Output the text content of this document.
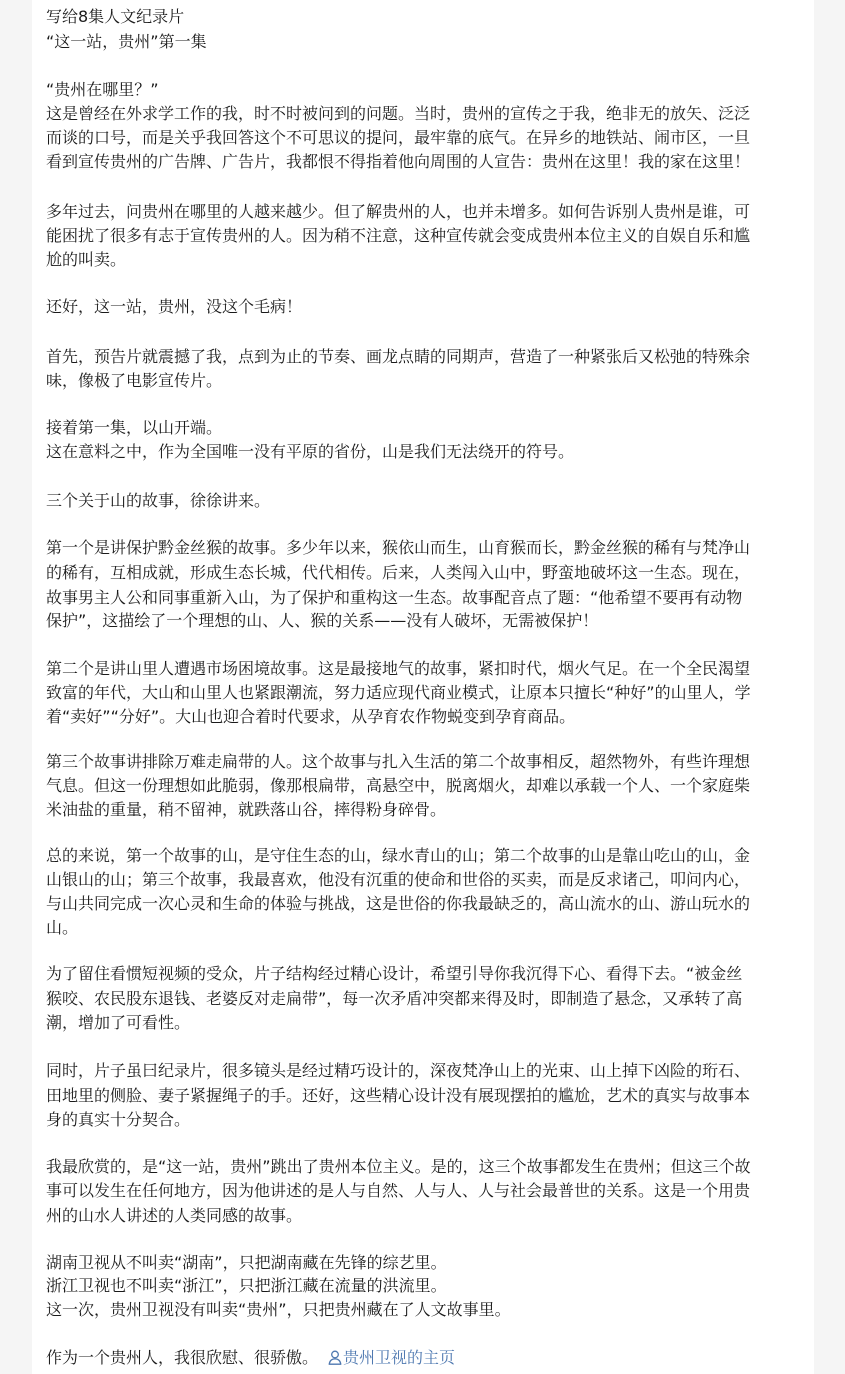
写给8集人文纪录片

“这一站，贵州”第一集

“贵州在哪里？”

这是曾经在外求学工作的我，时不时被问到的问题。当时，贵州的宣传之于我，绝非无的放矢、泛泛

而谈的口号，而是关乎我回答这个不可思议的提问，最牢靠的底气。在异乡的地铁站、闹市区，一旦

看到宣传贵州的广告牌、广告片，我都恨不得指着他向周围的人宣告：贵州在这里！我的家在这里！

多年过去，问贵州在哪里的人越来越少。但了解贵州的人，也并未增多。如何告诉别人贵州是谁，可

能困扰了很多有志于宣传贵州的人。因为稍不注意，这种宣传就会变成贵州本位主义的自娱自乐和尴

尬的叫卖。

还好，这一站，贵州，没这个毛病！

首先，预告片就震撼了我，点到为止的节奏、画龙点睛的同期声，营造了一种紧张后又松弛的特殊余

味，像极了电影宣传片。

接着第一集，以山开端。

这在意料之中，作为全国唯一没有平原的省份，山是我们无法绕开的符号。

三个关于山的故事，徐徐讲来。

第一个是讲保护黔金丝猴的故事。多少年以来，猴依山而生，山育猴而长，黔金丝猴的稀有与梵净山

的稀有，互相成就，形成生态长城，代代相传。后来，人类闯入山中，野蛮地破坏这一生态。现在，

故事男主人公和同事重新入山，为了保护和重构这一生态。故事配音点了题：“他希望不要再有动物

保护”，这描绘了一个理想的山、人、猴的关系——没有人破坏，无需被保护！

第二个是讲山里人遭遇市场困境故事。这是最接地气的故事，紧扣时代，烟火气足。在一个全民渴望

致富的年代，大山和山里人也紧跟潮流，努力适应现代商业模式，让原本只擅长“种好”的山里人，学

着“卖好”“分好”。大山也迎合着时代要求，从孕育农作物蜕变到孕育商品。

第三个故事讲排除万难走扁带的人。这个故事与扎入生活的第二个故事相反，超然物外，有些许理想

气息。但这一份理想如此脆弱，像那根扁带，高悬空中，脱离烟火，却难以承载一个人、一个家庭柴

米油盐的重量，稍不留神，就跌落山谷，摔得粉身碎骨。

总的来说，第一个故事的山，是守住生态的山，绿水青山的山；第二个故事的山是靠山吃山的山，金

山银山的山；第三个故事，我最喜欢，他没有沉重的使命和世俗的买卖，而是反求诸己，叩问内心，

与山共同完成一次心灵和生命的体验与挑战，这是世俗的你我最缺乏的，高山流水的山、游山玩水的

山。

为了留住看惯短视频的受众，片子结构经过精心设计，希望引导你我沉得下心、看得下去。“被金丝

猴咬、农民股东退钱、老婆反对走扁带”，每一次矛盾冲突都来得及时，即制造了悬念，又承转了高

潮，增加了可看性。

同时，片子虽曰纪录片，很多镜头是经过精巧设计的，深夜梵净山上的光束、山上掉下凶险的珩石、

田地里的侧脸、妻子紧握绳子的手。还好，这些精心设计没有展现摆拍的尴尬，艺术的真实与故事本

身的真实十分契合。

我最欣赏的，是“这一站，贵州”跳出了贵州本位主义。是的，这三个故事都发生在贵州；但这三个故

事可以发生在任何地方，因为他讲述的是人与自然、人与人、人与社会最普世的关系。这是一个用贵

州的山水人讲述的人类同感的故事。

湖南卫视从不叫卖“湖南”，只把湖南藏在先锋的综艺里。

浙江卫视也不叫卖“浙江”，只把浙江藏在流量的洪流里。

这一次，贵州卫视没有叫卖“贵州”，只把贵州藏在了人文故事里。

作为一个贵州人，我很欣慰、很骄傲。 贵州卫视的主页
